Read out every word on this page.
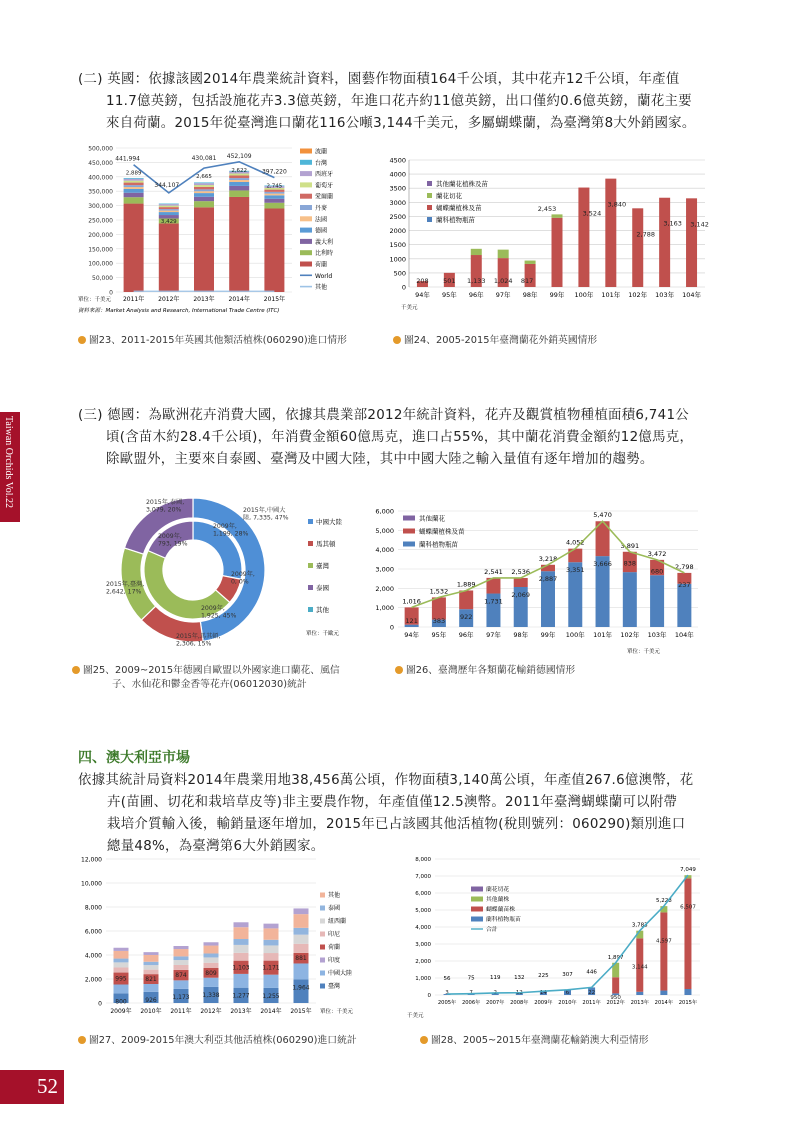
Taiwan Orchids Vol.22
(二) 英國：依據該國2014年農業統計資料，園藝作物面積164千公頃，其中花卉12千公頃，年產值
11.7億英鎊，包括設施花卉3.3億英鎊，年進口花卉約11億英鎊，出口僅約0.6億英鎊，蘭花主要
來自荷蘭。2015年從臺灣進口蘭花116公噸3,144千美元，多屬蝴蝶蘭，為臺灣第8大外銷國家。
500,000
450,000
400,000
350,000
300,000
250,000
200,000
150,000
100,000
50,000
0
2011年 2012年 2013年 2014年 2015年
441,994
344,107
430,081 452,109
397,220
2,889
3,429
2,665
2,622
2,745
波蘭
台灣
西班牙
葡萄牙
愛爾蘭
丹麥
法國
德國
義大利
比利時
荷蘭
World
其他
單位：千美元
資料來源：Market Analysis and Research, International Trade Centre (ITC)
4500
4000
3500
3000
2500
2000
1500
1000
500
0
94年
208
95年
501
96年
1,133
97年
1,024
98年
817
99年
2,453
100年
3,524
101年
3,840
102年
2,788
103年
3,163
104年
3,142
其他蘭花植株及苗
蘭花切花
蝴蝶蘭植株及苗
蘭科植物瓶苗
千美元
圖23、2011-2015年英國其他類活植株(060290)進口情形	圖24、2005-2015年臺灣蘭花外銷英國情形
(三) 德國：為歐洲花卉消費大國，依據其農業部2012年統計資料，花卉及觀賞植物種植面積6,741公
頃(含苗木約28.4千公頃)，年消費金額60億馬克，進口占55%，其中蘭花消費金額約12億馬克，
除歐盟外，主要來自泰國、臺灣及中國大陸，其中中國大陸之輸入量值有逐年增加的趨勢。
2015年,泰國, 3,079, 20%	2015年,中國大陸, 7,335, 47%
2009年, 1,199, 28%
2009年, 793, 19%
2009年, 0, 0%
2015年,臺灣, 2,642, 17%
2009年, 1,925, 45%
2015年,馬其頓, 2,306, 15%
中國大陸
馬其頓
臺灣
泰國
其他
單位：千歐元
6,000
5,000
4,000
3,000
2,000
1,000
0
94年
1,016
121
95年
1,532
383
96年
1,889
922
97年
2,541
1,731
98年
2,536
2,069
99年
3,218
2,887
100年
4,052
3,351
101年
5,470
3,666
102年
3,891
838
103年
3,472
680
104年
2,798
237
其他蘭花
蝴蝶蘭植株及苗
蘭科植物瓶苗
單位：千美元
圖25、2009~2015年德國自歐盟以外國家進口蘭花、風信
子、水仙花和鬱金香等花卉(06012030)統計
圖26、臺灣歷年各類蘭花輸銷德國情形
四、澳大利亞市場
依據其統計局資料2014年農業用地38,456萬公頃，作物面積3,140萬公頃，年產值267.6億澳幣，花
卉(苗圃、切花和栽培草皮等)非主要農作物，年產值僅12.5澳幣。2011年臺灣蝴蝶蘭可以附帶
栽培介質輸入後，輸銷量逐年增加，2015年已占該國其他活植物(稅則號列：060290)類別進口
總量48%，為臺灣第6大外銷國家。
12,000
10,000
8,000
6,000
4,000
2,000
0
2009年
800
995
2010年
926
821
2011年
1,173
874
2012年
1,338
809
2013年
1,277
1,103
2014年
1,255
1,171
2015年
1,964
881
其他
泰國
紐西蘭
印尼
荷蘭
印度
中國大陸
臺灣
單位：千美元
8,000
7,000
6,000
5,000
4,000
3,000
2,000
1,000
0
2005年
56
3
2006年
75
7
2007年
119
2
2008年
132
12
2009年
225
14
2010年
307
6
2011年
446
22
2012年
1,897
950
2013年
3,783
3,144
2014年
5,228
4,597
2015年
7,049
6,507
蘭花切花
其他蘭株
蝴蝶蘭苗株
蘭科植物瓶苗
合計
千美元
圖27、2009-2015年澳大利亞其他活植株(060290)進口統計	圖28、2005~2015年臺灣蘭花輸銷澳大利亞情形
52
